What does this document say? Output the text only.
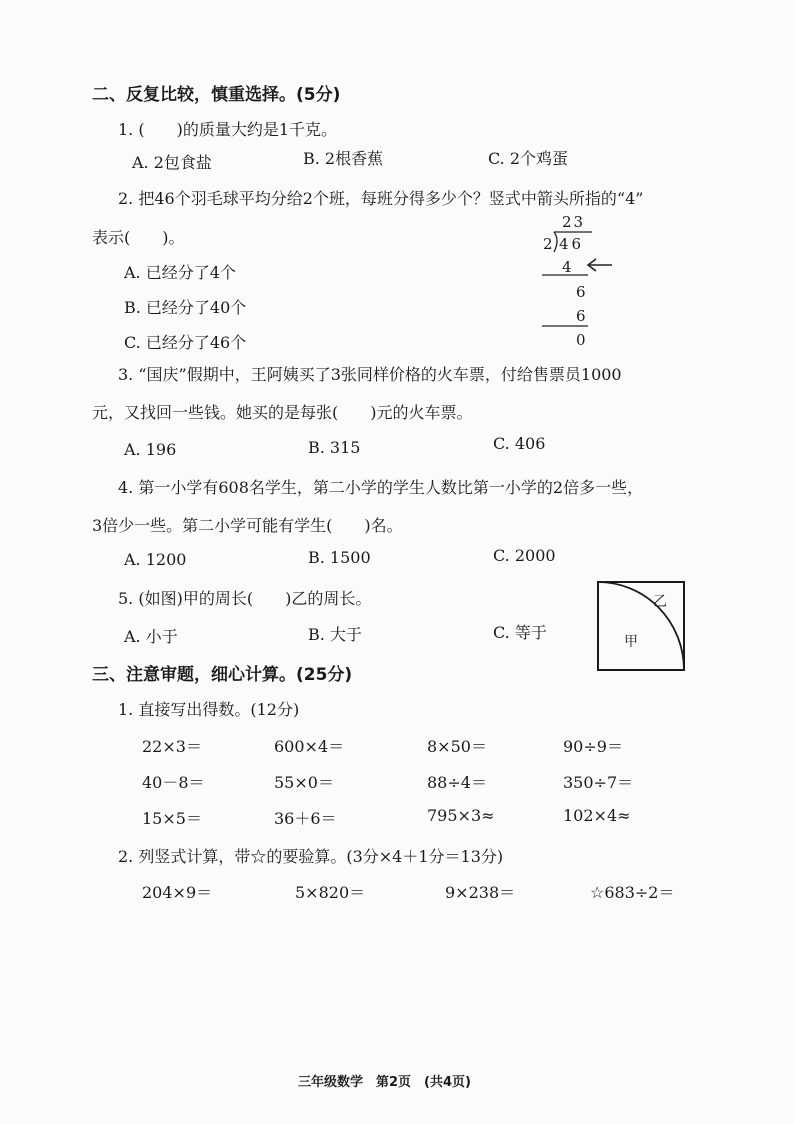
二、反复比较，慎重选择。(5分)
1. (　　)的质量大约是1千克。
A. 2包食盐	B. 2根香蕉	C. 2个鸡蛋
2. 把46个羽毛球平均分给2个班，每班分得多少个？竖式中箭头所指的“4”
表示(　　)。
A. 已经分了4个
B. 已经分了40个
C. 已经分了46个
23
2 46
4
6
6
0
3. “国庆”假期中，王阿姨买了3张同样价格的火车票，付给售票员1000
元，又找回一些钱。她买的是每张(　　)元的火车票。
A. 196	B. 315	C. 406
4. 第一小学有608名学生，第二小学的学生人数比第一小学的2倍多一些，
3倍少一些。第二小学可能有学生(　　)名。
A. 1200	B. 1500	C. 2000
5. (如图)甲的周长(　　)乙的周长。
A. 小于	B. 大于	C. 等于
乙
甲
三、注意审题，细心计算。(25分)
1. 直接写出得数。(12分)
22×3＝	600×4＝	8×50＝	90÷9＝
40－8＝	55×0＝	88÷4＝	350÷7＝
15×5＝	36＋6＝	795×3≈	102×4≈
2. 列竖式计算，带☆的要验算。(3分×4＋1分＝13分)
204×9＝	5×820＝	9×238＝	☆683÷2＝
三年级数学　第2页　(共4页)
